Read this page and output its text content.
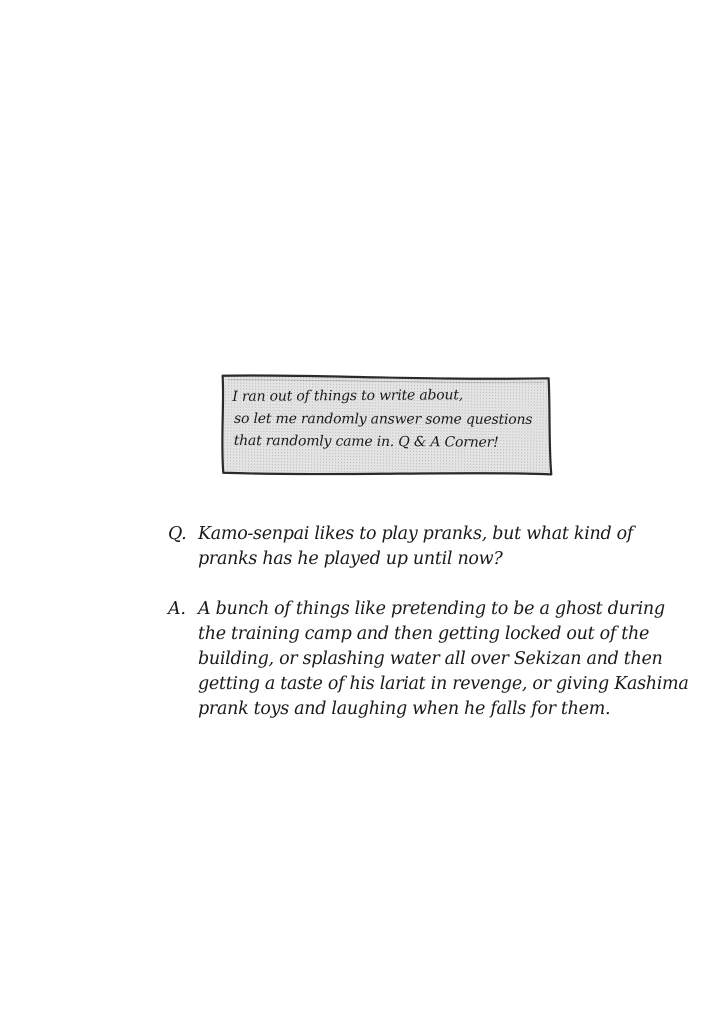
I ran out of things to write about,
so let me randomly answer some questions
that randomly came in. Q & A Corner!
Q. Kamo-senpai likes to play pranks, but what kind of
pranks has he played up until now?
A. A bunch of things like pretending to be a ghost during
the training camp and then getting locked out of the
building, or splashing water all over Sekizan and then
getting a taste of his lariat in revenge, or giving Kashima
prank toys and laughing when he falls for them.
